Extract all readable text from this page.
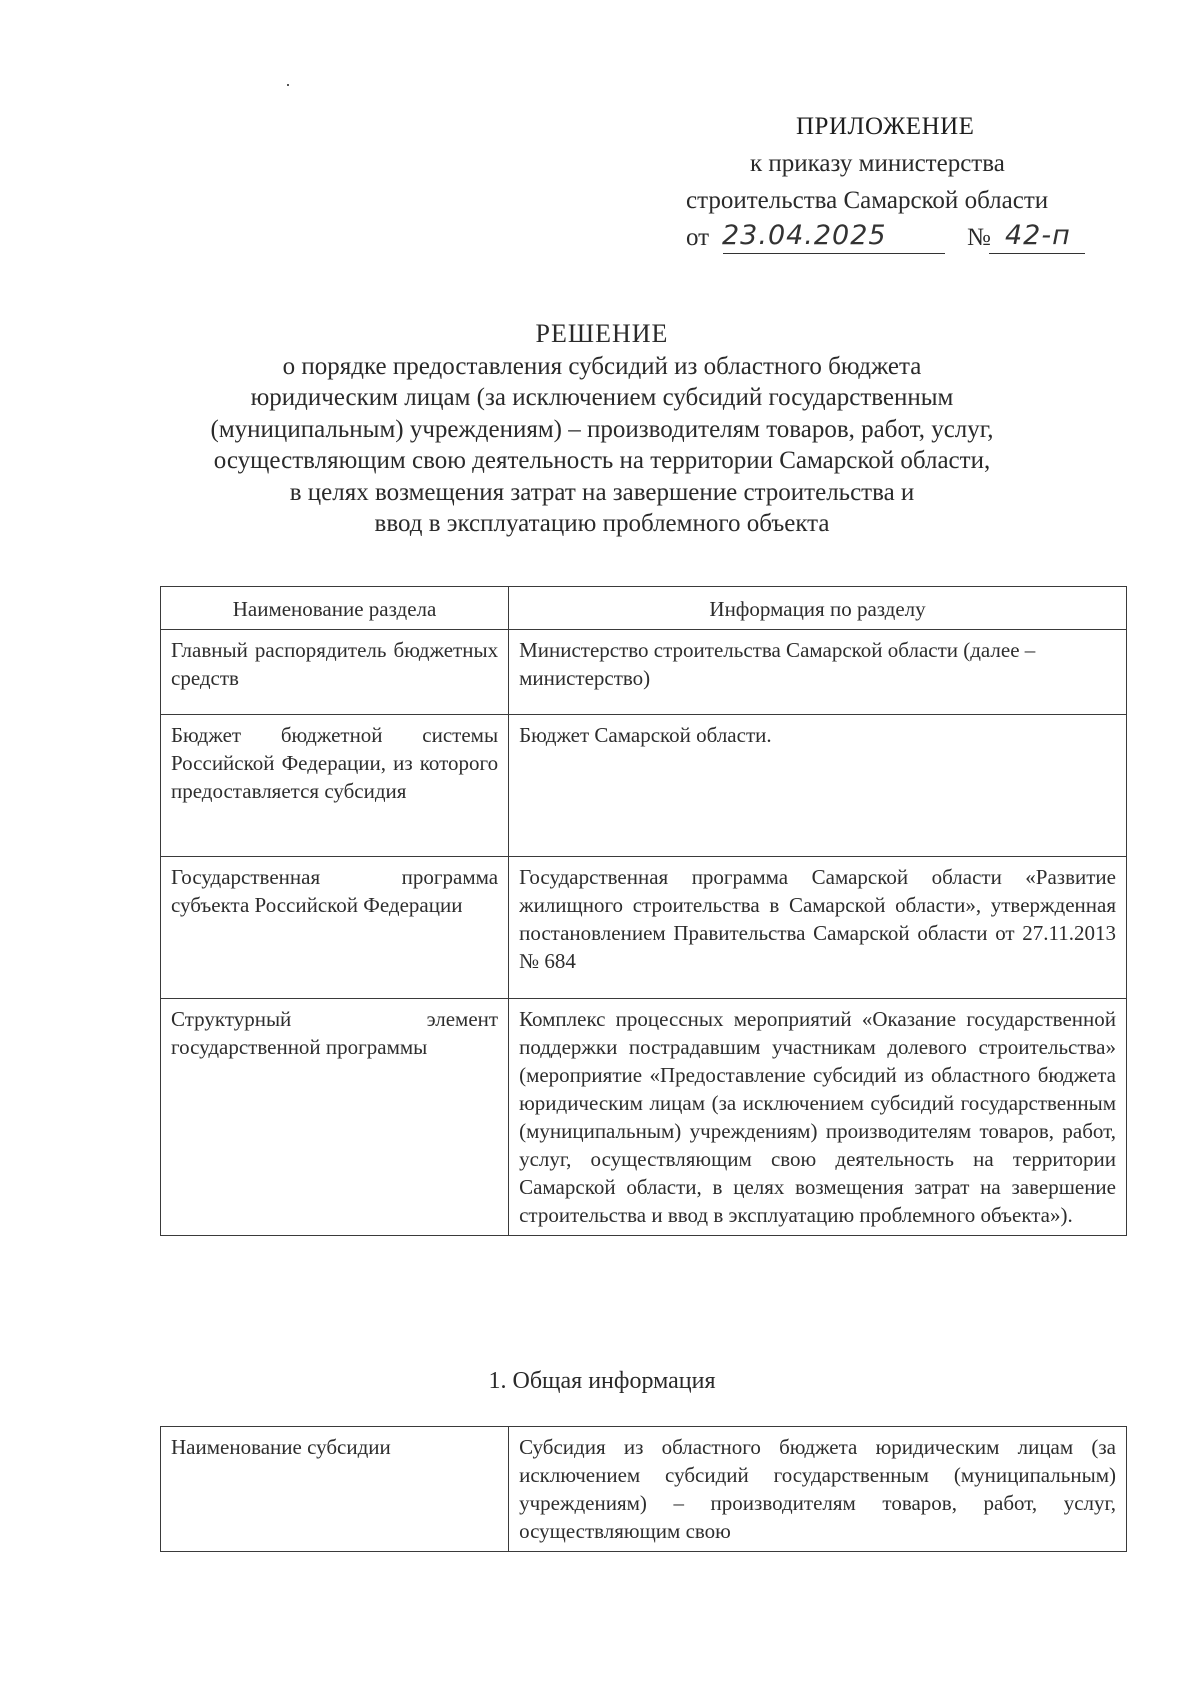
ПРИЛОЖЕНИЕ
к приказу министерства
строительства Самарской области
от 23.04.2025	№ 42-п
РЕШЕНИЕ
о порядке предоставления субсидий из областного бюджета
юридическим лицам (за исключением субсидий государственным
(муниципальным) учреждениям) – производителям товаров, работ, услуг,
осуществляющим свою деятельность на территории Самарской области,
в целях возмещения затрат на завершение строительства и
ввод в эксплуатацию проблемного объекта
Наименование раздела	Информация по разделу
Главный распорядитель бюджетных средств	Министерство строительства Самарской области (далее – министерство)
Бюджет бюджетной системы Российской Федерации, из которого предоставляется субсидия	Бюджет Самарской области.
Государственная программа субъекта Российской Федерации	Государственная программа Самарской области «Развитие жилищного строительства в Самарской области», утвержденная постановлением Правительства Самарской области от 27.11.2013 № 684
Структурный элемент государственной программы	Комплекс процессных мероприятий «Оказание государственной поддержки пострадавшим участникам долевого строительства» (мероприятие «Предоставление субсидий из областного бюджета юридическим лицам (за исключением субсидий государственным (муниципальным) учреждениям) производителям товаров, работ, услуг, осуществляющим свою деятельность на территории Самарской области, в целях возмещения затрат на завершение строительства и ввод в эксплуатацию проблемного объекта»).
1. Общая информация
Наименование субсидии	Субсидия из областного бюджета юридическим лицам (за исключением субсидий государственным (муниципальным) учреждениям) – производителям товаров, работ, услуг, осуществляющим свою
